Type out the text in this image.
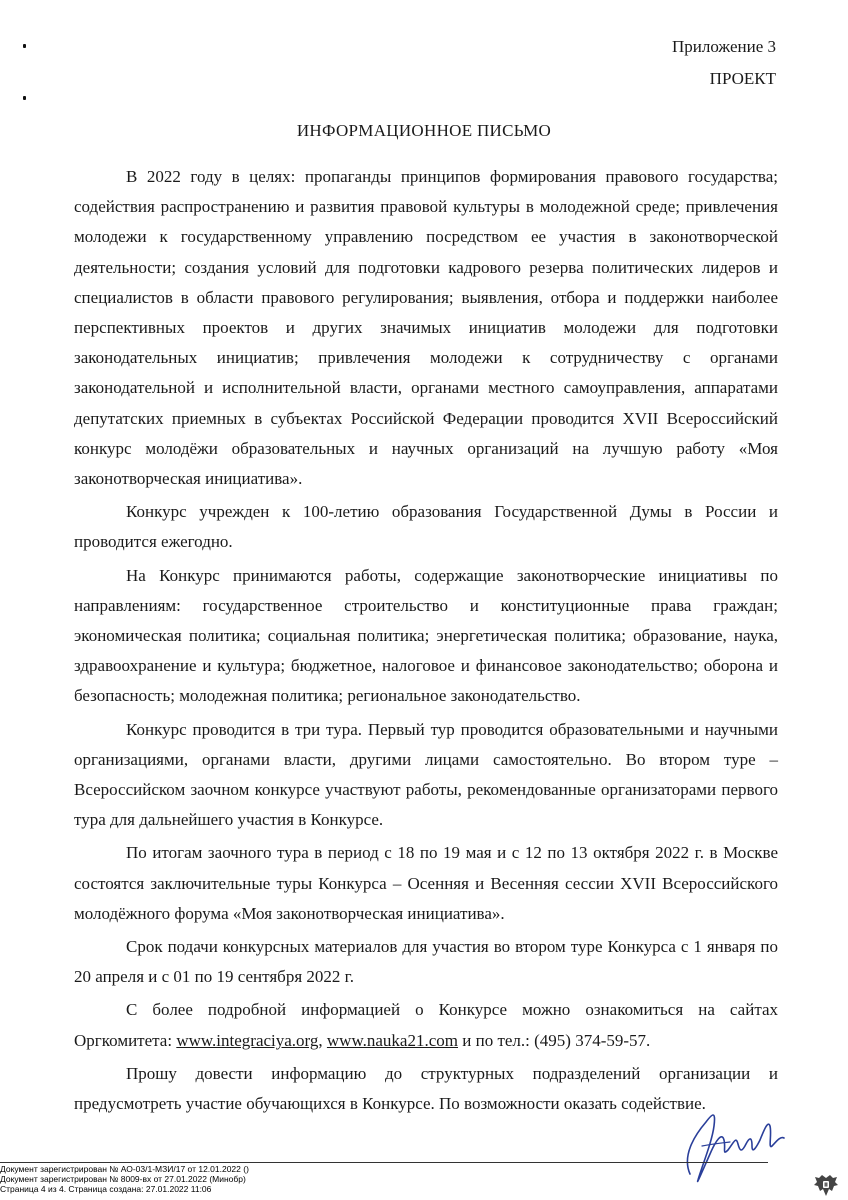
Приложение 3
ПРОЕКТ
ИНФОРМАЦИОННОЕ ПИСЬМО

В 2022 году в целях: пропаганды принципов формирования правового государства; содействия распространению и развития правовой культуры в молодежной среде; привлечения молодежи к государственному управлению посредством ее участия в законотворческой деятельности; создания условий для подготовки кадрового резерва политических лидеров и специалистов в области правового регулирования; выявления, отбора и поддержки наиболее перспективных проектов и других значимых инициатив молодежи для подготовки законодательных инициатив; привлечения молодежи к сотрудничеству с органами законодательной и исполнительной власти, органами местного самоуправления, аппаратами депутатских приемных в субъектах Российской Федерации проводится XVII Всероссийский конкурс молодёжи образовательных и научных организаций на лучшую работу «Моя законотворческая инициатива».

Конкурс учрежден к 100-летию образования Государственной Думы в России и проводится ежегодно.

На Конкурс принимаются работы, содержащие законотворческие инициативы по направлениям: государственное строительство и конституционные права граждан; экономическая политика; социальная политика; энергетическая политика; образование, наука, здравоохранение и культура; бюджетное, налоговое и финансовое законодательство; оборона и безопасность; молодежная политика; региональное законодательство.

Конкурс проводится в три тура. Первый тур проводится образовательными и научными организациями, органами власти, другими лицами самостоятельно. Во втором туре – Всероссийском заочном конкурсе участвуют работы, рекомендованные организаторами первого тура для дальнейшего участия в Конкурсе.

По итогам заочного тура в период с 18 по 19 мая и с 12 по 13 октября 2022 г. в Москве состоятся заключительные туры Конкурса – Осенняя и Весенняя сессии XVII Всероссийского молодёжного форума «Моя законотворческая инициатива».

Срок подачи конкурсных материалов для участия во втором туре Конкурса с 1 января по 20 апреля и с 01 по 19 сентября 2022 г.

С более подробной информацией о Конкурсе можно ознакомиться на сайтах Оргкомитета: www.integraciya.org, www.nauka21.com и по тел.: (495) 374-59-57.

Прошу довести информацию до структурных подразделений организации и предусмотреть участие обучающихся в Конкурсе. По возможности оказать содействие.

Документ зарегистрирован № АО-03/1-МЗИ/17 от 12.01.2022 ()
Документ зарегистрирован № 8009-вх от 27.01.2022 (Минобр)
Страница 4 из 4. Страница создана: 27.01.2022 11:06
